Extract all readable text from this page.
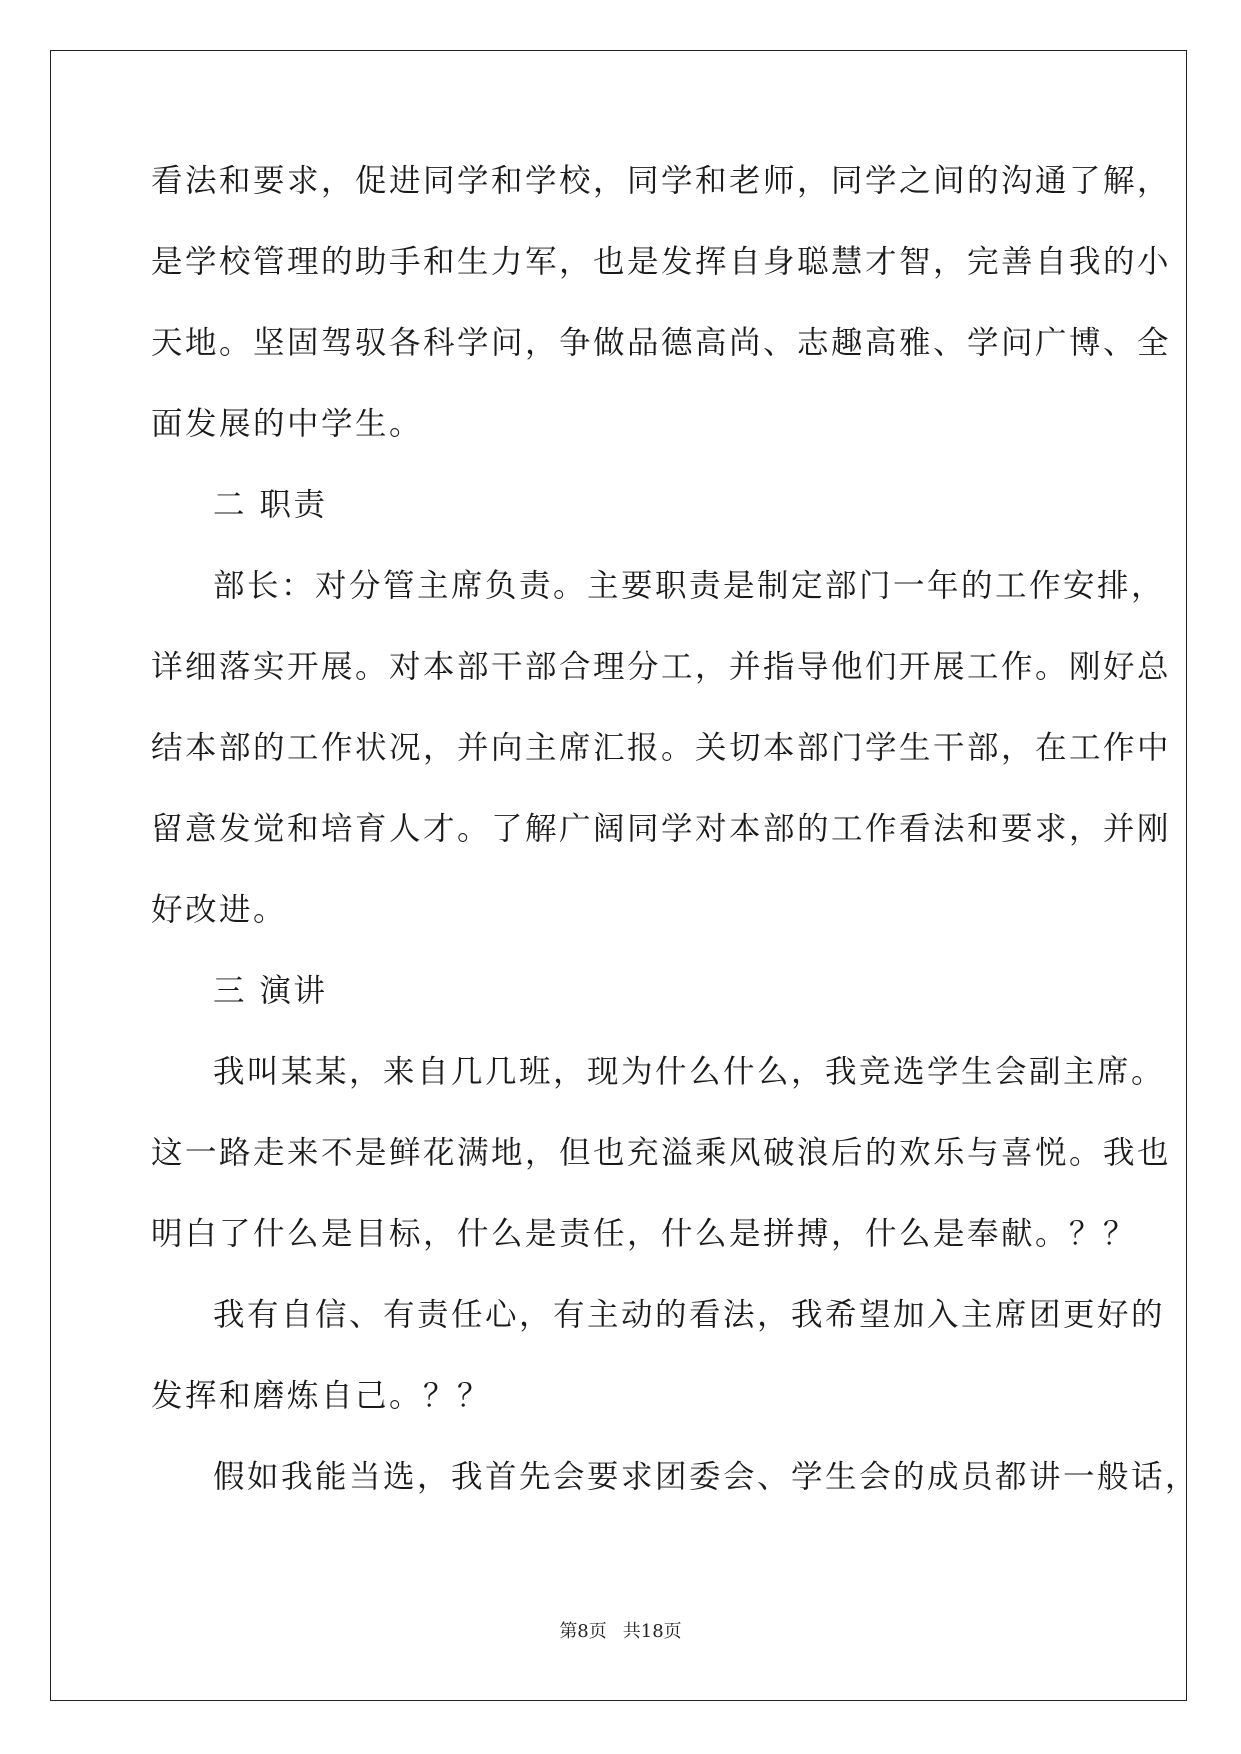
看法和要求，促进同学和学校，同学和老师，同学之间的沟通了解，
是学校管理的助手和生力军，也是发挥自身聪慧才智，完善自我的小
天地。坚固驾驭各科学问，争做品德高尚、志趣高雅、学问广博、全
面发展的中学生。
二 职责
部长：对分管主席负责。主要职责是制定部门一年的工作安排，
详细落实开展。对本部干部合理分工，并指导他们开展工作。刚好总
结本部的工作状况，并向主席汇报。关切本部门学生干部，在工作中
留意发觉和培育人才。了解广阔同学对本部的工作看法和要求，并刚
好改进。
三 演讲
我叫某某，来自几几班，现为什么什么，我竞选学生会副主席。
这一路走来不是鲜花满地，但也充溢乘风破浪后的欢乐与喜悦。我也
明白了什么是目标，什么是责任，什么是拼搏，什么是奉献。？？
我有自信、有责任心，有主动的看法，我希望加入主席团更好的
发挥和磨炼自己。？？
假如我能当选，我首先会要求团委会、学生会的成员都讲一般话，
第8页 共18页
